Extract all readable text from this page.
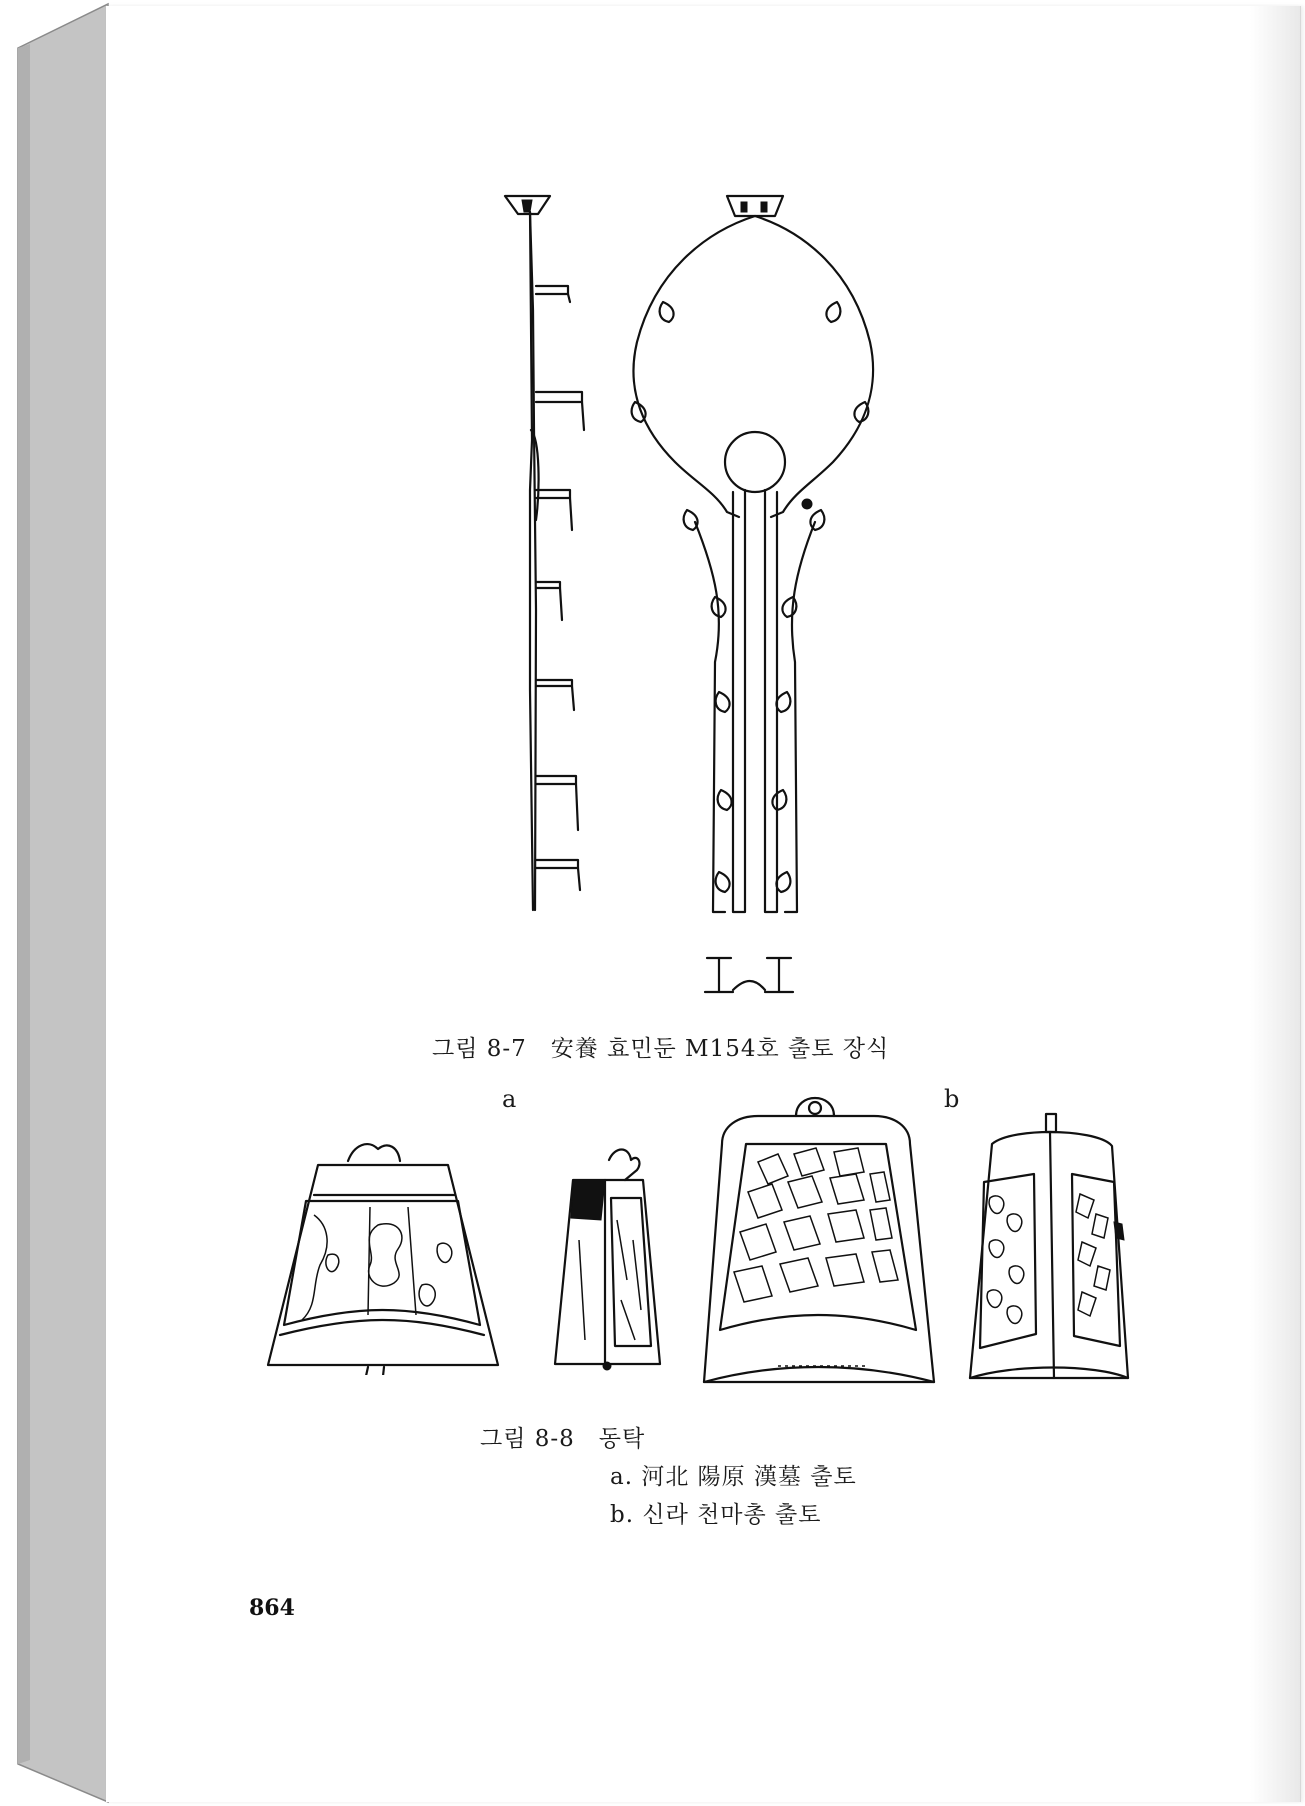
그림 8-7　安養 효민둔 M154호 출토 장식
a	b
그림 8-8　동탁
a. 河北 陽原 漢墓 출토
b. 신라 천마총 출토
864
